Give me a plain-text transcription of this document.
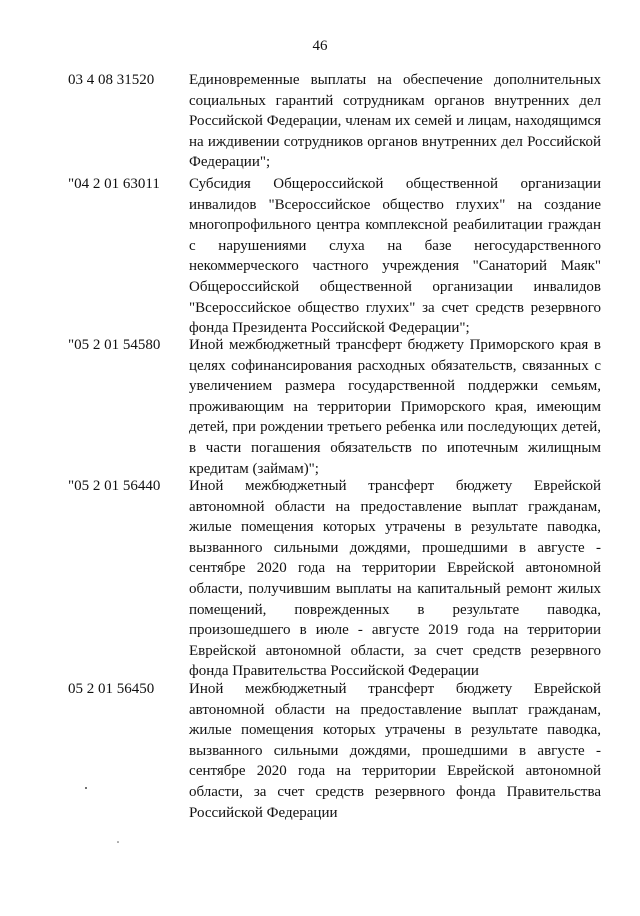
46
03 4 08 31520 Единовременные выплаты на обеспечение дополнительных социальных гарантий сотрудникам органов внутренних дел Российской Федерации, членам их семей и лицам, находящимся на иждивении сотрудников органов внутренних дел Российской Федерации";
"04 2 01 63011 Субсидия Общероссийской общественной организации инвалидов "Всероссийское общество глухих" на создание многопрофильного центра комплексной реабилитации граждан с нарушениями слуха на базе негосударственного некоммерческого частного учреждения "Санаторий Маяк" Общероссийской общественной организации инвалидов "Всероссийское общество глухих" за счет средств резервного фонда Президента Российской Федерации";
"05 2 01 54580 Иной межбюджетный трансферт бюджету Приморского края в целях софинансирования расходных обязательств, связанных с увеличением размера государственной поддержки семьям, проживающим на территории Приморского края, имеющим детей, при рождении третьего ребенка или последующих детей, в части погашения обязательств по ипотечным жилищным кредитам (займам)";
"05 2 01 56440 Иной межбюджетный трансферт бюджету Еврейской автономной области на предоставление выплат гражданам, жилые помещения которых утрачены в результате паводка, вызванного сильными дождями, прошедшими в августе - сентябре 2020 года на территории Еврейской автономной области, получившим выплаты на капитальный ремонт жилых помещений, поврежденных в результате паводка, произошедшего в июле - августе 2019 года на территории Еврейской автономной области, за счет средств резервного фонда Правительства Российской Федерации
05 2 01 56450 Иной межбюджетный трансферт бюджету Еврейской автономной области на предоставление выплат гражданам, жилые помещения которых утрачены в результате паводка, вызванного сильными дождями, прошедшими в августе - сентябре 2020 года на территории Еврейской автономной области, за счет средств резервного фонда Правительства Российской Федерации
